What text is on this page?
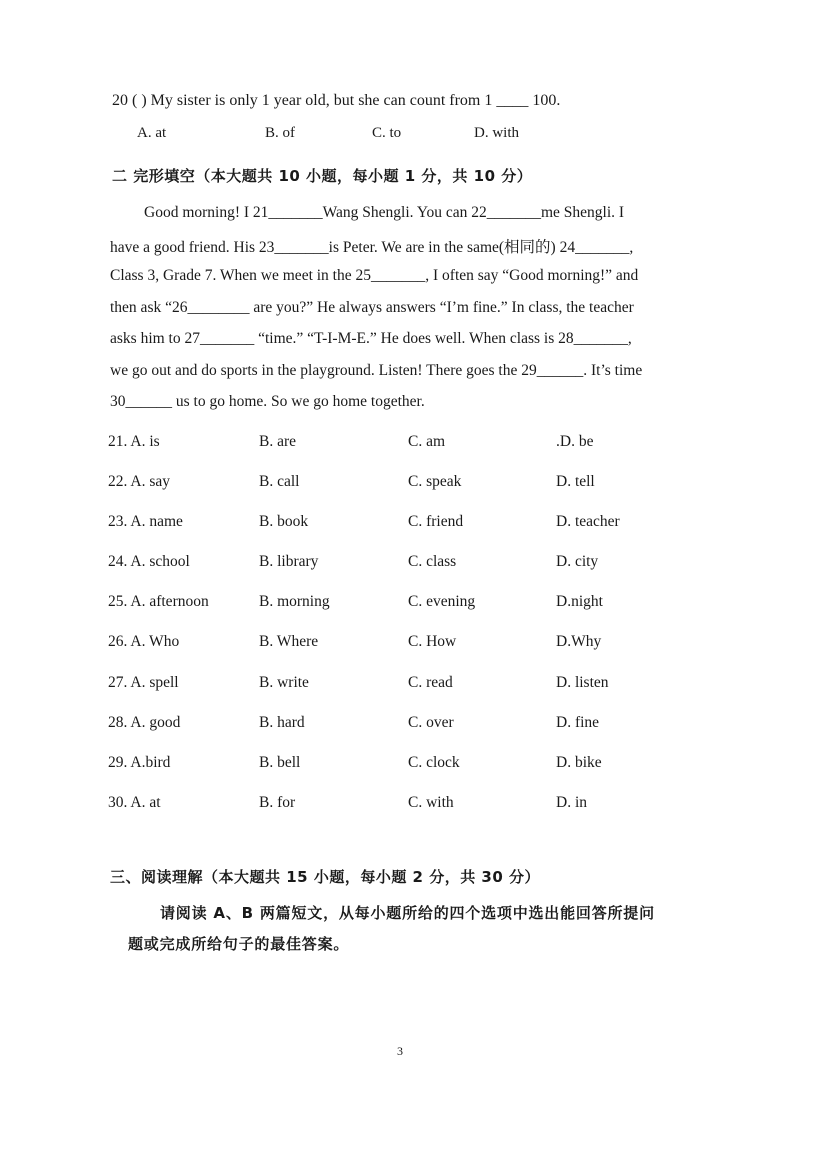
20 ( ) My sister is only 1 year old, but she can count from 1 ____ 100.
A. at	B. of	C. to	D. with
二 完形填空（本大题共 10 小题，每小题 1 分，共 10 分）
Good morning! I 21_______Wang Shengli. You can 22_______me Shengli. I
have a good friend. His 23_______is Peter. We are in the same(相同的) 24_______,
Class 3, Grade 7. When we meet in the 25_______, I often say “Good morning!” and
then ask “26________ are you?” He always answers “I’m fine.” In class, the teacher
asks him to 27_______ “time.” “T-I-M-E.” He does well. When class is 28_______,
we go out and do sports in the playground. Listen! There goes the 29______. It’s time
30______ us to go home. So we go home together.
21. A. is	B. are	C. am	.D. be
22. A. say	B. call	C. speak	D. tell
23. A. name	B. book	C. friend	D. teacher
24. A. school	B. library	C. class	D. city
25. A. afternoon	B. morning	C. evening	D.night
26. A. Who	B. Where	C. How	D.Why
27. A. spell	B. write	C. read	D. listen
28. A. good	B. hard	C. over	D. fine
29. A.bird	B. bell	C. clock	D. bike
30. A. at	B. for	C. with	D. in
三、阅读理解（本大题共 15 小题，每小题 2 分，共 30 分）
请阅读 A、B 两篇短文，从每小题所给的四个选项中选出能回答所提问
题或完成所给句子的最佳答案。
3
